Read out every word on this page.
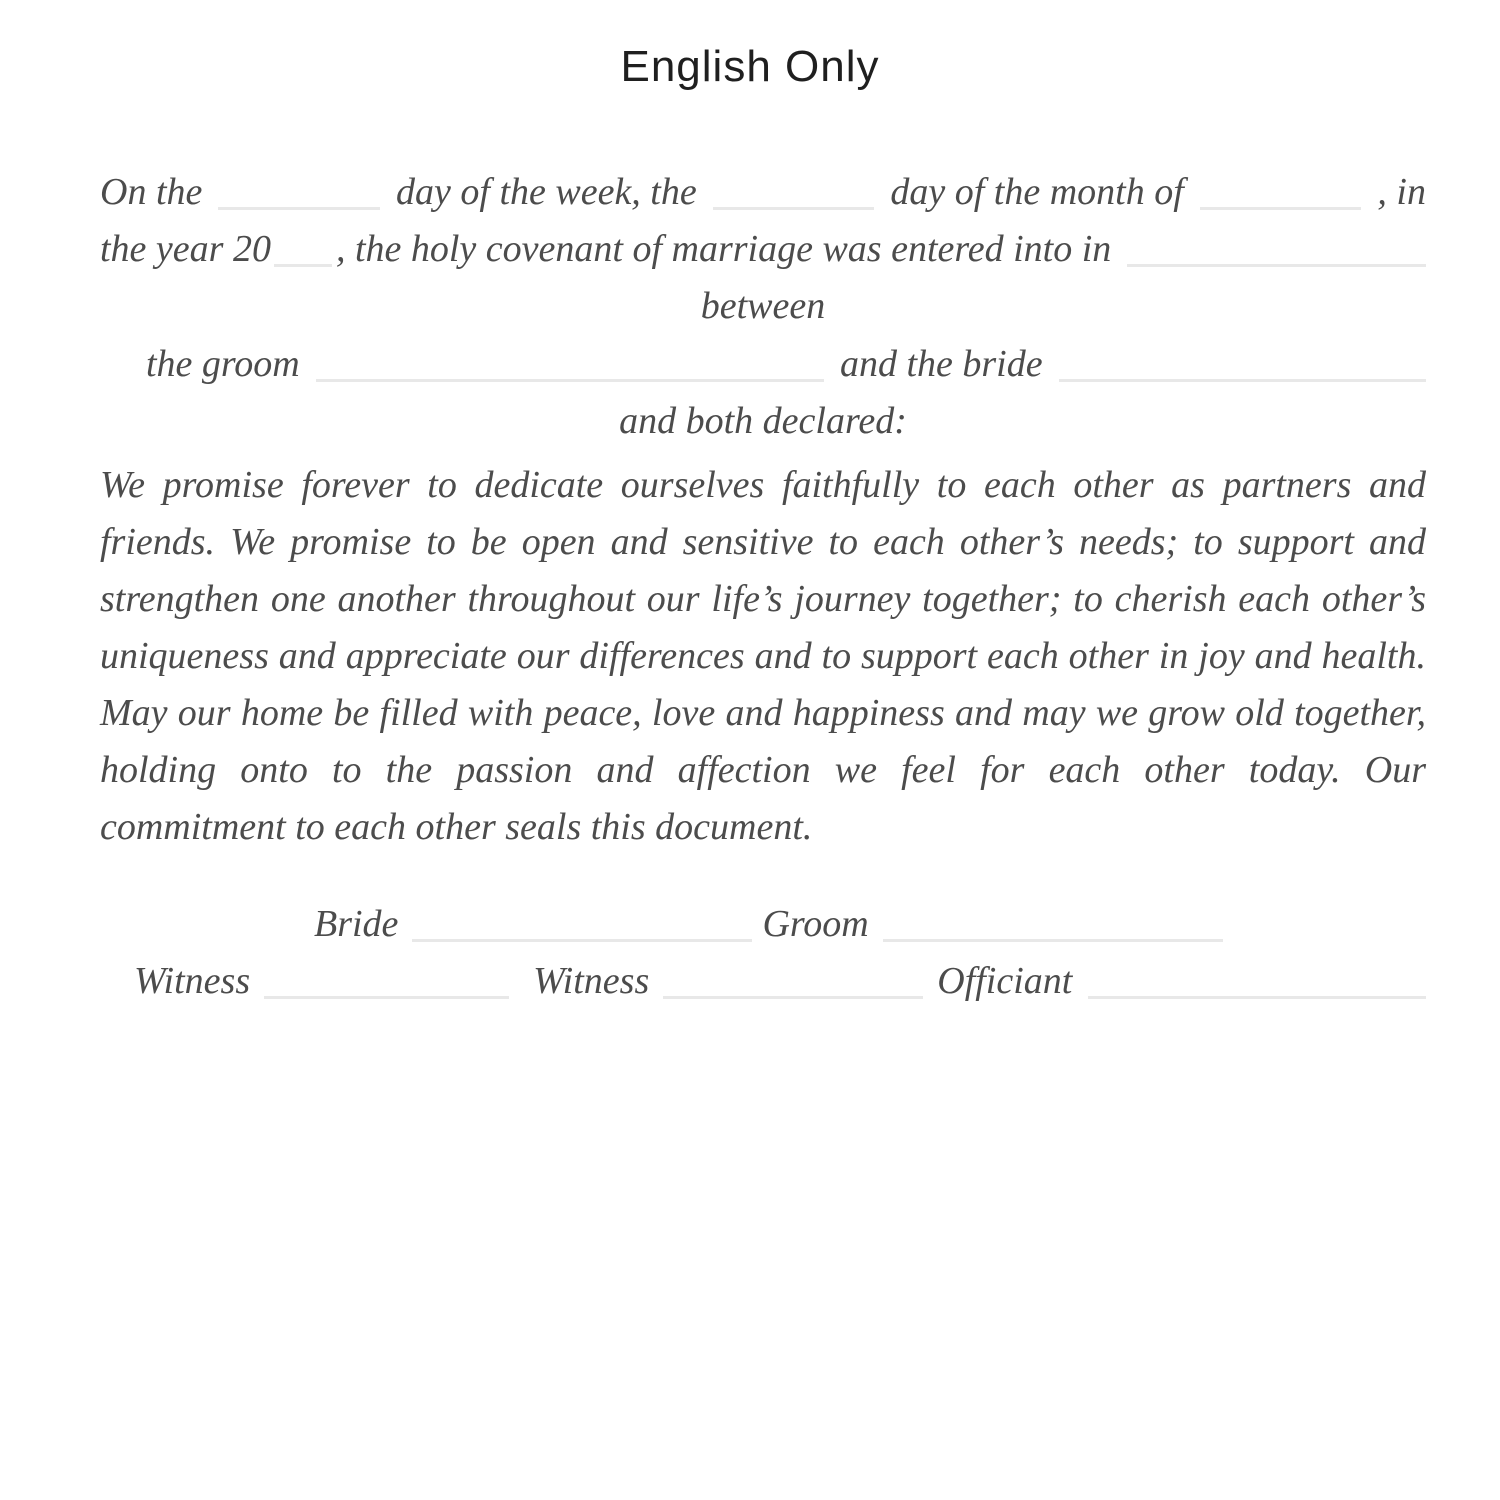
English Only
On the	day of the week, the	day of the month of	, in
the year 20 , the holy covenant of marriage was entered into in
between
the groom	and the bride
and both declared:
We promise forever to dedicate ourselves faithfully to each other as partners and friends. We promise to be open and sensitive to each other’s needs; to support and strengthen one another throughout our life’s journey together; to cherish each other’s uniqueness and appreciate our differences and to support each other in joy and health. May our home be filled with peace, love and happiness and may we grow old together, holding onto to the passion and affection we feel for each other today. Our commitment to each other seals this document.
Bride	Groom
Witness	Witness	Officiant
